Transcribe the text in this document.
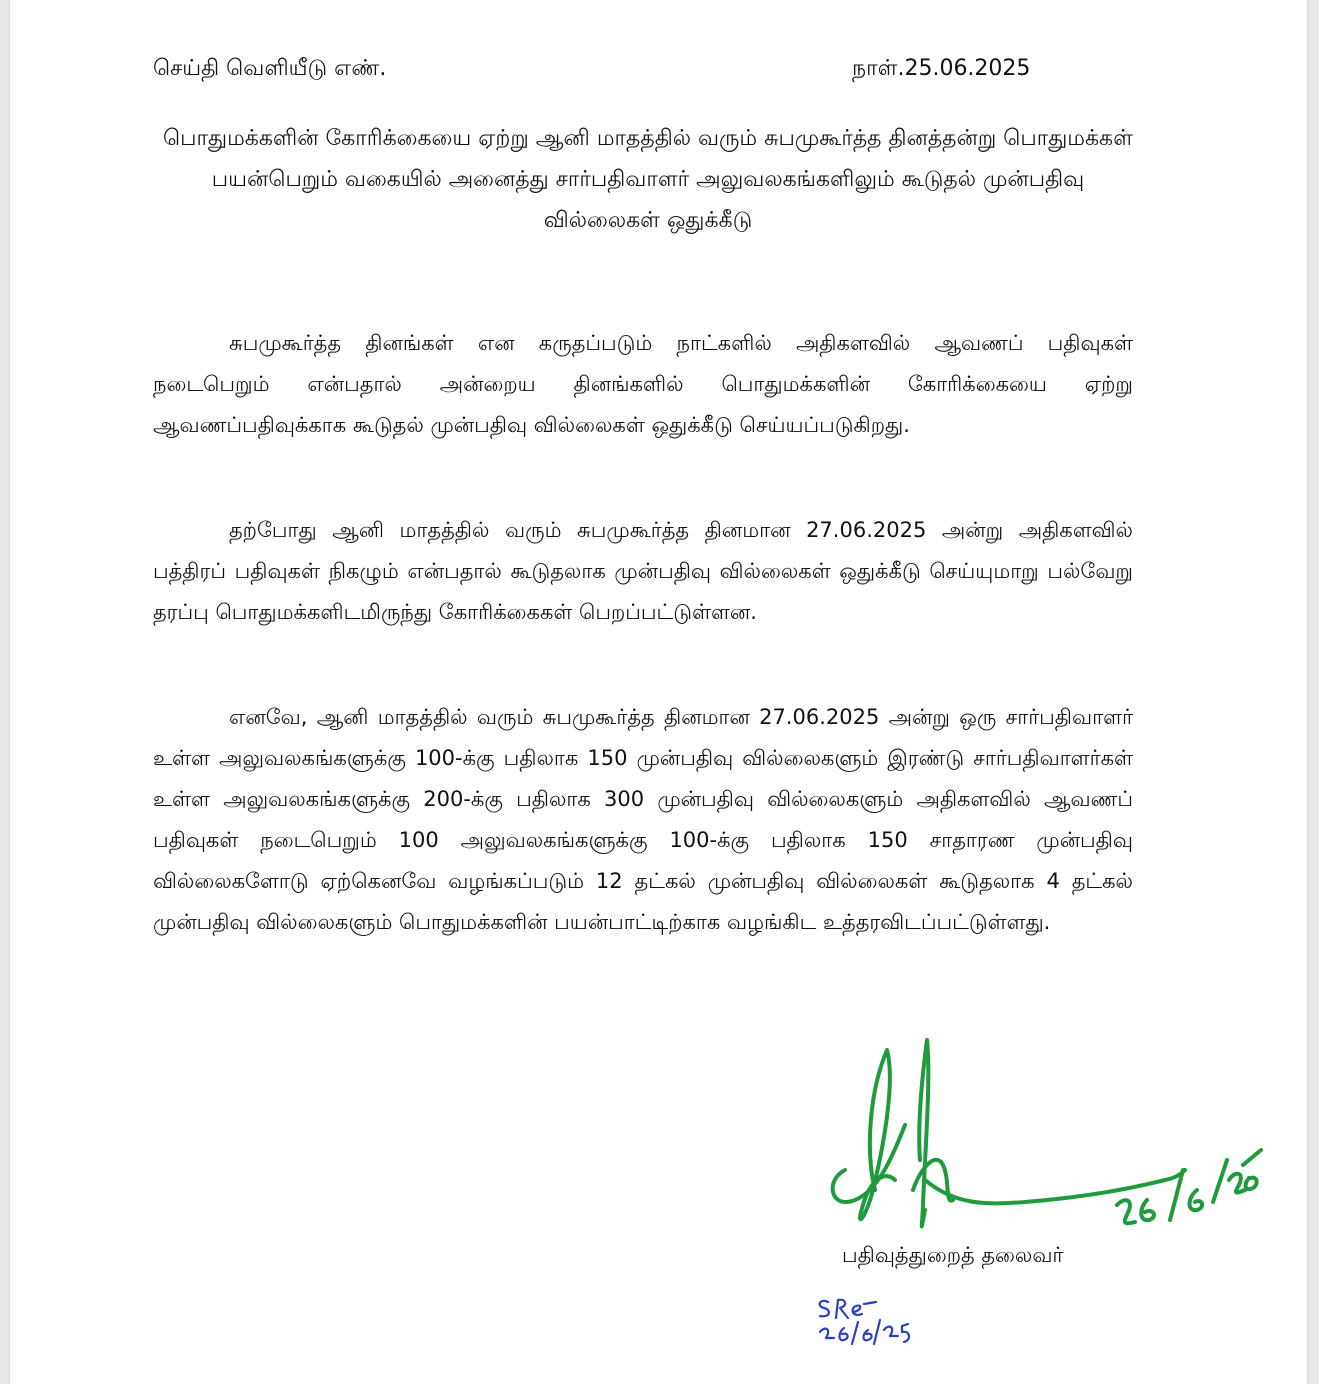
செய்தி வெளியீடு எண்.	நாள்.25.06.2025
பொதுமக்களின் கோரிக்கையை ஏற்று ஆனி மாதத்தில் வரும் சுபமுகூர்த்த தினத்தன்று பொதுமக்கள் பயன்பெறும் வகையில் அனைத்து சார்பதிவாளர் அலுவலகங்களிலும் கூடுதல் முன்பதிவு வில்லைகள் ஒதுக்கீடு

சுபமுகூர்த்த தினங்கள் என கருதப்படும் நாட்களில் அதிகளவில் ஆவணப் பதிவுகள் நடைபெறும் என்பதால் அன்றைய தினங்களில் பொதுமக்களின் கோரிக்கையை ஏற்று ஆவணப்பதிவுக்காக கூடுதல் முன்பதிவு வில்லைகள் ஒதுக்கீடு செய்யப்படுகிறது.

தற்போது ஆனி மாதத்தில் வரும் சுபமுகூர்த்த தினமான 27.06.2025 அன்று அதிகளவில் பத்திரப் பதிவுகள் நிகழும் என்பதால் கூடுதலாக முன்பதிவு வில்லைகள் ஒதுக்கீடு செய்யுமாறு பல்வேறு தரப்பு பொதுமக்களிடமிருந்து கோரிக்கைகள் பெறப்பட்டுள்ளன.

எனவே, ஆனி மாதத்தில் வரும் சுபமுகூர்த்த தினமான 27.06.2025 அன்று ஒரு சார்பதிவாளர் உள்ள அலுவலகங்களுக்கு 100-க்கு பதிலாக 150 முன்பதிவு வில்லைகளும் இரண்டு சார்பதிவாளர்கள் உள்ள அலுவலகங்களுக்கு 200-க்கு பதிலாக 300 முன்பதிவு வில்லைகளும் அதிகளவில் ஆவணப் பதிவுகள் நடைபெறும் 100 அலுவலகங்களுக்கு 100-க்கு பதிலாக 150 சாதாரண முன்பதிவு வில்லைகளோடு ஏற்கெனவே வழங்கப்படும் 12 தட்கல் முன்பதிவு வில்லைகள் கூடுதலாக 4 தட்கல் முன்பதிவு வில்லைகளும் பொதுமக்களின் பயன்பாட்டிற்காக வழங்கிட உத்தரவிடப்பட்டுள்ளது.

பதிவுத்துறைத் தலைவர்
